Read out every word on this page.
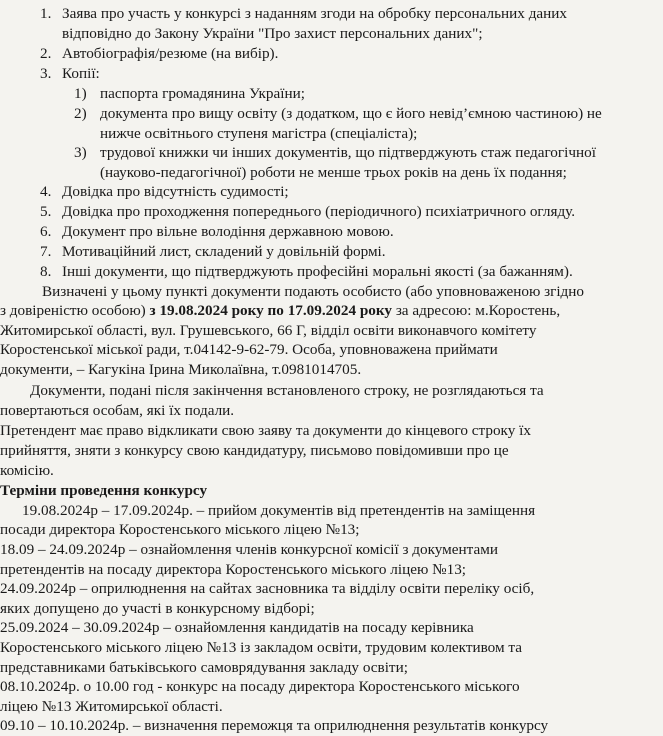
1. Заява про участь у конкурсі з наданням згоди на обробку персональних даних
відповідно до Закону України "Про захист персональних даних";
2. Автобіографія/резюме (на вибір).
3. Копії:
1) паспорта громадянина України;
2) документа про вищу освіту (з додатком, що є його невід’ємною частиною) не
нижче освітнього ступеня магістра (спеціаліста);
3) трудової книжки чи інших документів, що підтверджують стаж педагогічної
(науково-педагогічної) роботи не менше трьох років на день їх подання;
4. Довідка про відсутність судимості;
5. Довідка про проходження попереднього (періодичного) психіатричного огляду.
6. Документ про вільне володіння державною мовою.
7. Мотиваційний лист, складений у довільній формі.
8. Інші документи, що підтверджують професійні моральні якості (за бажанням).
Визначені у цьому пункті документи подають особисто (або уповноваженою згідно
з довіреністю особою) з 19.08.2024 року по 17.09.2024 року за адресою: м.Коростень,
Житомирської області, вул. Грушевського, 66 Г, відділ освіти виконавчого комітету
Коростенської міської ради, т.04142-9-62-79. Особа, уповноважена приймати
документи, – Кагукіна Ірина Миколаївна, т.0981014705.
Документи, подані після закінчення встановленого строку, не розглядаються та
повертаються особам, які їх подали.
Претендент має право відкликати свою заяву та документи до кінцевого строку їх
прийняття, зняти з конкурсу свою кандидатуру, письмово повідомивши про це
комісію.
Терміни проведення конкурсу
19.08.2024р – 17.09.2024р. – прийом документів від претендентів на заміщення
посади директора Коростенського міського ліцею №13;
18.09 – 24.09.2024р – ознайомлення членів конкурсної комісії з документами
претендентів на посаду директора Коростенського міського ліцею №13;
24.09.2024р – оприлюднення на сайтах засновника та відділу освіти переліку осіб,
яких допущено до участі в конкурсному відборі;
25.09.2024 – 30.09.2024р – ознайомлення кандидатів на посаду керівника
Коростенського міського ліцею №13 із закладом освіти, трудовим колективом та
представниками батьківського самоврядування закладу освіти;
08.10.2024р. о 10.00 год - конкурс на посаду директора Коростенського міського
ліцею №13 Житомирської області.
09.10 – 10.10.2024р. – визначення переможця та оприлюднення результатів конкурсу
